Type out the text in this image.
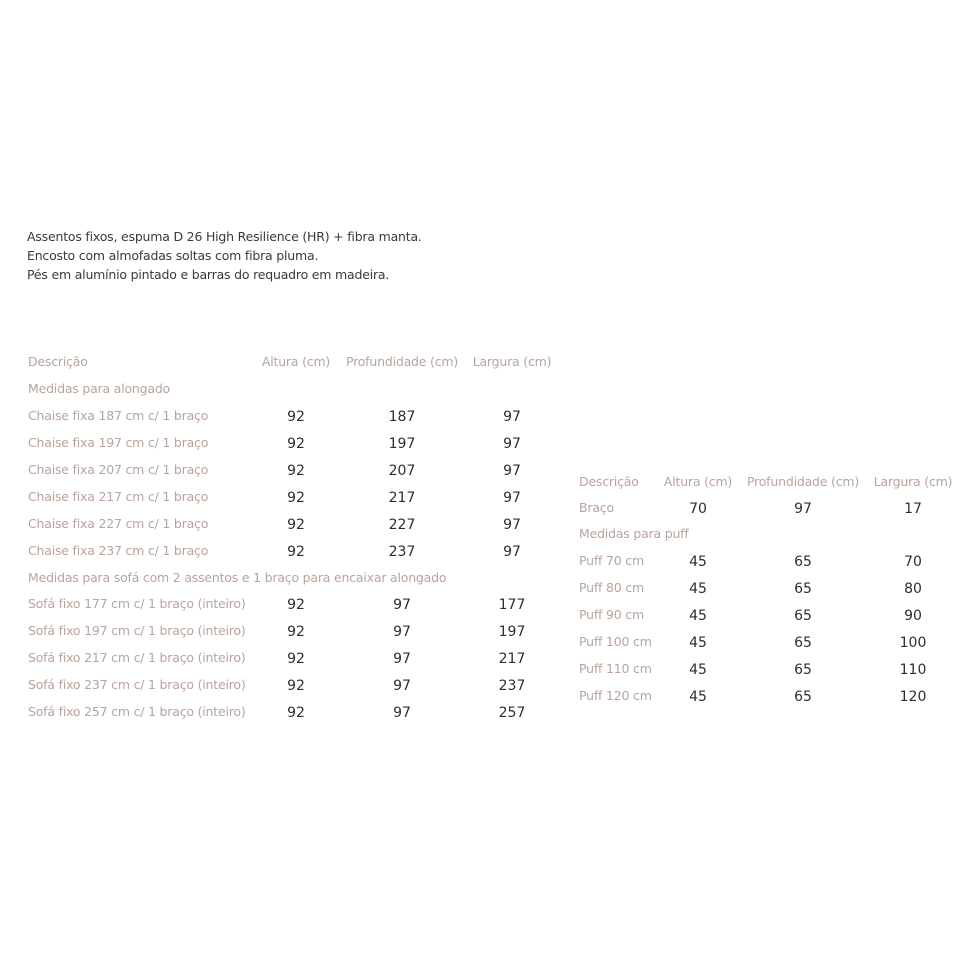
Assentos fixos, espuma D 26 High Resilience (HR) + fibra manta.
Encosto com almofadas soltas com fibra pluma.
Pés em alumínio pintado e barras do requadro em madeira.
Descrição	Altura (cm) Profundidade (cm) Largura (cm)
Medidas para alongado
Chaise fixa 187 cm c/ 1 braço	92	187	97
Chaise fixa 197 cm c/ 1 braço	92	197	97
Chaise fixa 207 cm c/ 1 braço	92	207	97
Chaise fixa 217 cm c/ 1 braço	92	217	97
Chaise fixa 227 cm c/ 1 braço	92	227	97
Chaise fixa 237 cm c/ 1 braço	92	237	97
Medidas para sofá com 2 assentos e 1 braço para encaixar alongado
Sofá fixo 177 cm c/ 1 braço (inteiro)	92	97	177
Sofá fixo 197 cm c/ 1 braço (inteiro)	92	97	197
Sofá fixo 217 cm c/ 1 braço (inteiro)	92	97	217
Sofá fixo 237 cm c/ 1 braço (inteiro)	92	97	237
Sofá fixo 257 cm c/ 1 braço (inteiro)	92	97	257
Descrição Altura (cm) Profundidade (cm) Largura (cm)
Braço	70	97	17
Medidas para puff
Puff 70 cm	45	65	70
Puff 80 cm	45	65	80
Puff 90 cm	45	65	90
Puff 100 cm	45	65	100
Puff 110 cm	45	65	110
Puff 120 cm	45	65	120
